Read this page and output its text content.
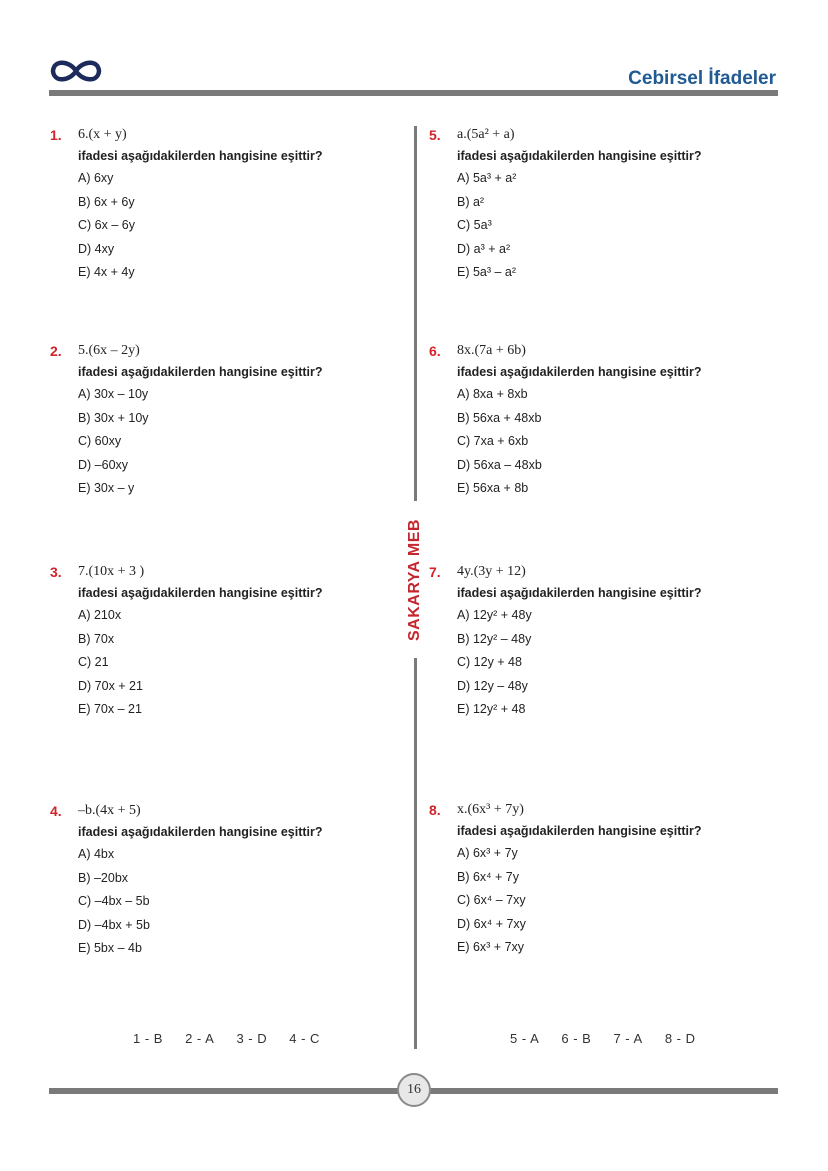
Cebirsel İfadeler
SAKARYA MEB
1.	6.(x + y)
ifadesi aşağıdakilerden hangisine eşittir?
A) 6xy
B) 6x + 6y
C) 6x – 6y
D) 4xy
E) 4x + 4y
2.	5.(6x – 2y)
ifadesi aşağıdakilerden hangisine eşittir?
A) 30x – 10y
B) 30x + 10y
C) 60xy
D) –60xy
E) 30x – y
3.	7.(10x + 3 )
ifadesi aşağıdakilerden hangisine eşittir?
A) 210x
B) 70x
C) 21
D) 70x + 21
E) 70x – 21
4.	–b.(4x + 5)
ifadesi aşağıdakilerden hangisine eşittir?
A) 4bx
B) –20bx
C) –4bx – 5b
D) –4bx + 5b
E) 5bx – 4b
5.	a.(5a² + a)
ifadesi aşağıdakilerden hangisine eşittir?
A) 5a³ + a²
B) a²
C) 5a³
D) a³ + a²
E) 5a³ – a²
6.	8x.(7a + 6b)
ifadesi aşağıdakilerden hangisine eşittir?
A) 8xa + 8xb
B) 56xa + 48xb
C) 7xa + 6xb
D) 56xa – 48xb
E) 56xa + 8b
7.	4y.(3y + 12)
ifadesi aşağıdakilerden hangisine eşittir?
A) 12y² + 48y
B) 12y² – 48y
C) 12y + 48
D) 12y – 48y
E) 12y² + 48
8.	x.(6x³ + 7y)
ifadesi aşağıdakilerden hangisine eşittir?
A) 6x³ + 7y
B) 6x⁴ + 7y
C) 6x⁴ – 7xy
D) 6x⁴ + 7xy
E) 6x³ + 7xy
1 - B 2 - A 3 - D 4 - C	5 - A 6 - B 7 - A 8 - D
16
